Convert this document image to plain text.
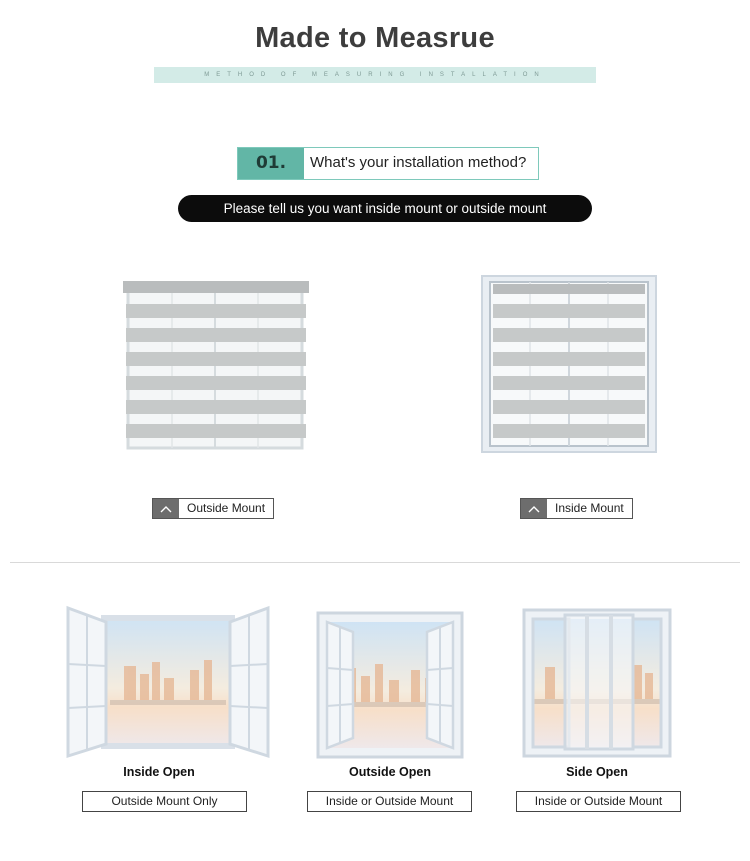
Made to Measrue
METHOD OF MEASURING INSTALLATION
01.	What's your installation method?
Please tell us you want inside mount or outside mount
Outside Mount	Inside Mount
Inside Open	Outside Open	Side Open
Outside Mount Only	Inside or Outside Mount	Inside or Outside Mount
